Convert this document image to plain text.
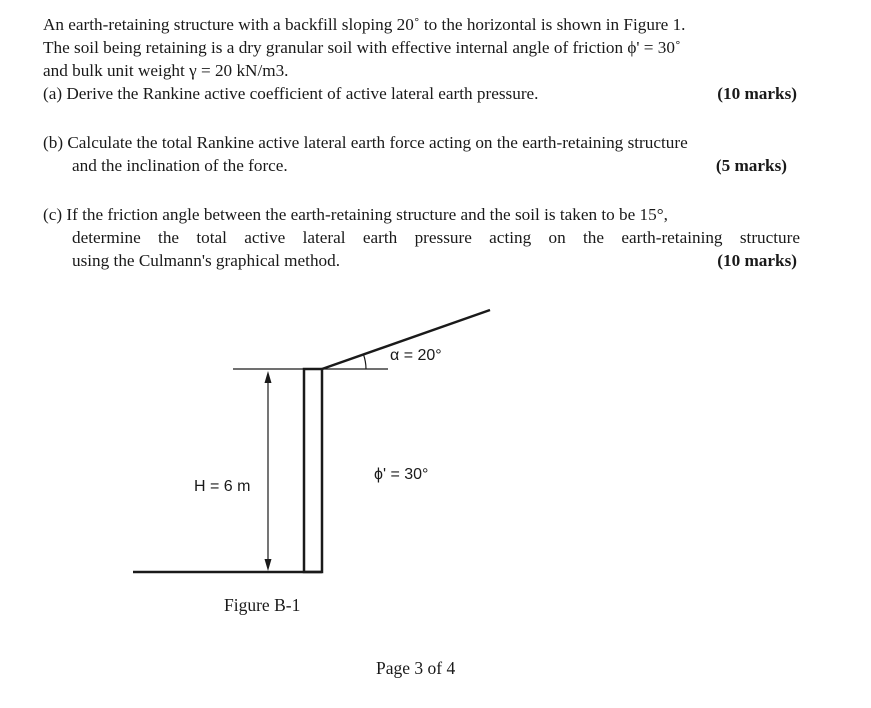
An earth-retaining structure with a backfill sloping 20˚ to the horizontal is shown in Figure 1.
The soil being retaining is a dry granular soil with effective internal angle of friction ϕ' = 30˚
and bulk unit weight γ = 20 kN/m3.
(a) Derive the Rankine active coefficient of active lateral earth pressure.	(10 marks)
(b) Calculate the total Rankine active lateral earth force acting on the earth-retaining structure
and the inclination of the force.	(5 marks)
(c) If the friction angle between the earth-retaining structure and the soil is taken to be 15°,
determine the total active lateral earth pressure acting on the earth-retaining structure
using the Culmann's graphical method.	(10 marks)
α = 20°
ϕ' = 30°
H = 6 m
Figure B-1
Page 3 of 4
